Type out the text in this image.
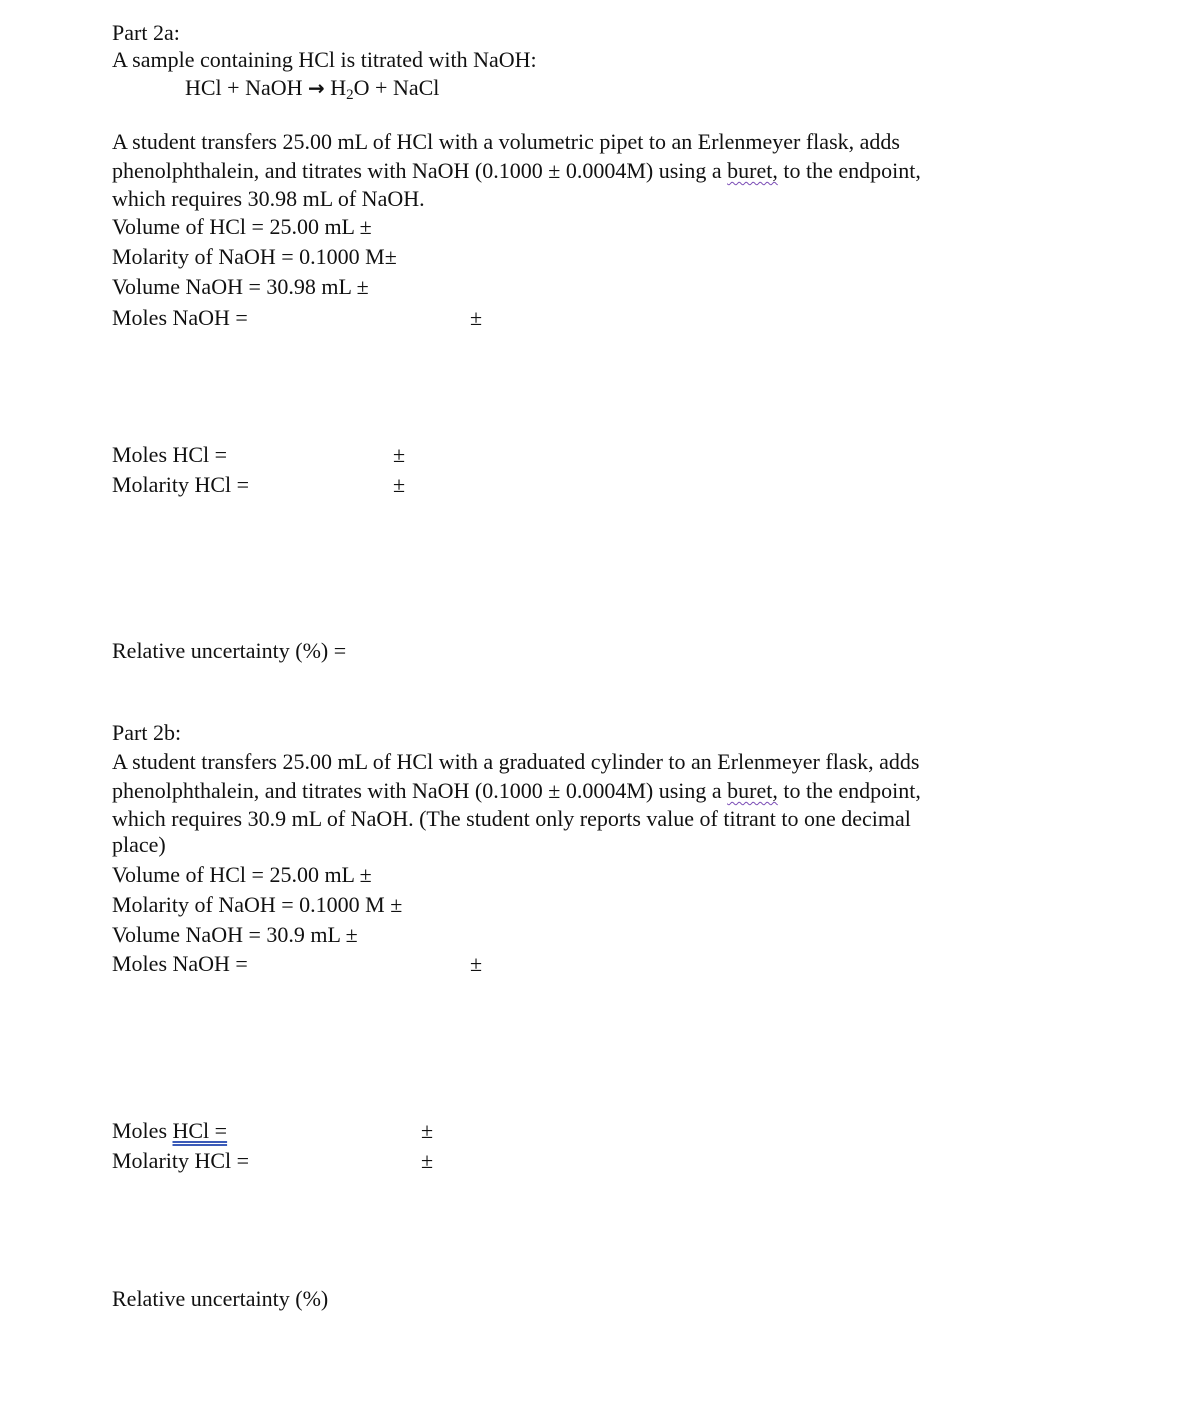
Part 2a:
A sample containing HCl is titrated with NaOH:
HCl + NaOH → H2O + NaCl
A student transfers 25.00 mL of HCl with a volumetric pipet to an Erlenmeyer flask, adds
phenolphthalein, and titrates with NaOH (0.1000 ± 0.0004M) using a buret, to the endpoint,
which requires 30.98 mL of NaOH.
Volume of HCl = 25.00 mL ±
Molarity of NaOH = 0.1000 M±
Volume NaOH = 30.98 mL ±
Moles NaOH =	±
Moles HCl =	±
Molarity HCl =	±
Relative uncertainty (%) =
Part 2b:
A student transfers 25.00 mL of HCl with a graduated cylinder to an Erlenmeyer flask, adds
phenolphthalein, and titrates with NaOH (0.1000 ± 0.0004M) using a buret, to the endpoint,
which requires 30.9 mL of NaOH. (The student only reports value of titrant to one decimal
place)
Volume of HCl = 25.00 mL ±
Molarity of NaOH = 0.1000 M ±
Volume NaOH = 30.9 mL ±
Moles NaOH =	±
Moles HCl =	±
Molarity HCl =	±
Relative uncertainty (%)
